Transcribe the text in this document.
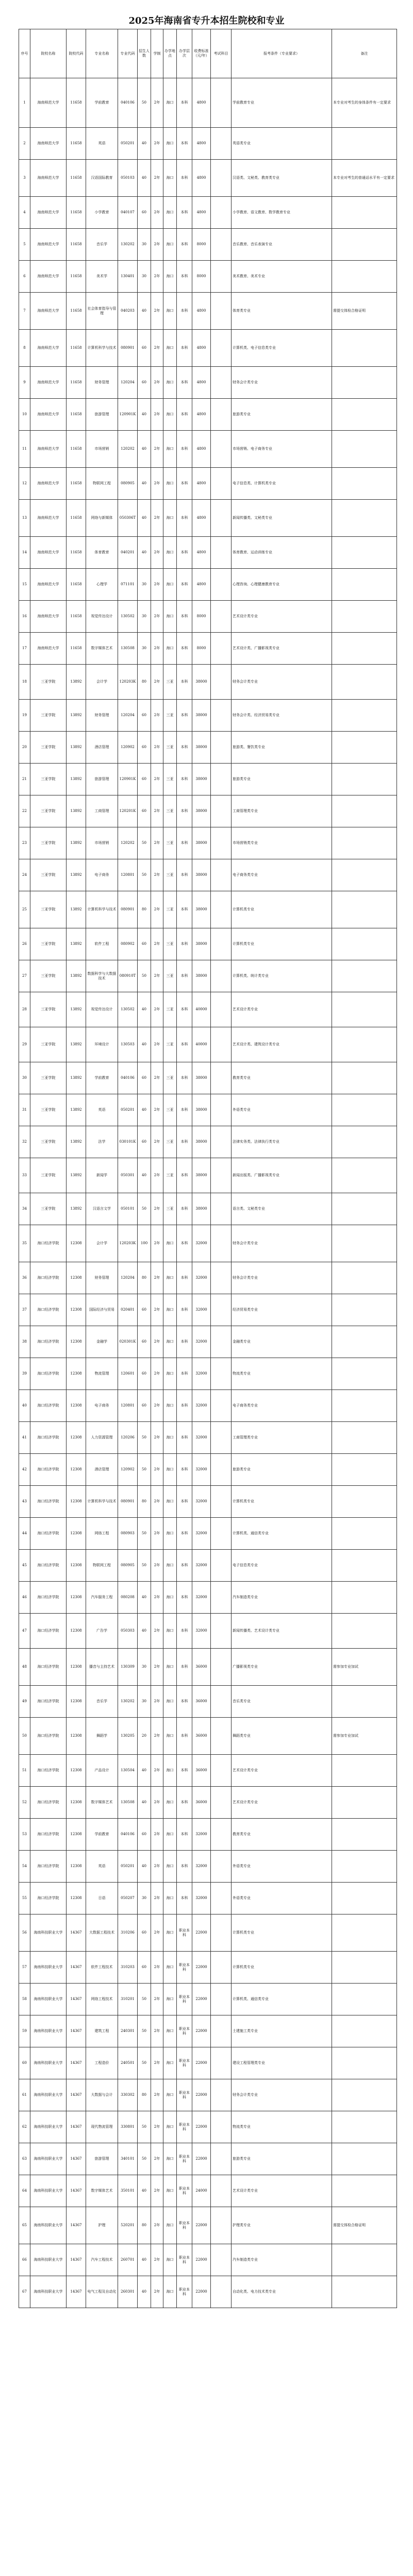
2025年海南省专升本招生院校和专业
序号	院校名称	院校代码	专业名称	专业代码	招生人数	学制	办学地点	办学层次	收费标准（元/年）	考试科目	报考条件（专业要求）	备注
1	海南师范大学	11658	学前教育	040106	50	2年	海口	本科	4800		学前教育专业	本专业对考生的身体条件有一定要求
2	海南师范大学	11658	英语	050201	40	2年	海口	本科	4800		英语类专业	
3	海南师范大学	11658	汉语国际教育	050103	40	2年	海口	本科	4800		汉语类、文秘类、教育类专业	本专业对考生的普通话水平有一定要求
4	海南师范大学	11658	小学教育	040107	60	2年	海口	本科	4800		小学教育、语文教育、数学教育专业	
5	海南师范大学	11658	音乐学	130202	30	2年	海口	本科	8000		音乐教育、音乐表演专业	
6	海南师范大学	11658	美术学	130401	30	2年	海口	本科	8000		美术教育、美术专业	
7	海南师范大学	11658	社会体育指导与管理	040203	40	2年	海口	本科	4800		体育类专业	需提交体检合格证明
8	海南师范大学	11658	计算机科学与技术	080901	60	2年	海口	本科	4800		计算机类、电子信息类专业	
9	海南师范大学	11658	财务管理	120204	60	2年	海口	本科	4800		财务会计类专业	
10	海南师范大学	11658	旅游管理	120901K	40	2年	海口	本科	4800		旅游类专业	
11	海南师范大学	11658	市场营销	120202	40	2年	海口	本科	4800		市场营销、电子商务专业	
12	海南师范大学	11658	物联网工程	080905	40	2年	海口	本科	4800		电子信息类、计算机类专业	
13	海南师范大学	11658	网络与新媒体	050306T	40	2年	海口	本科	4800		新闻传播类、文秘类专业	
14	海南师范大学	11658	体育教育	040201	40	2年	海口	本科	4800		体育教育、运动训练专业	
15	海南师范大学	11658	心理学	071101	30	2年	海口	本科	4800		心理咨询、心理健康教育专业	
16	海南师范大学	11658	视觉传达设计	130502	30	2年	海口	本科	8000		艺术设计类专业	
17	海南师范大学	11658	数字媒体艺术	130508	30	2年	海口	本科	8000		艺术设计类、广播影视类专业	
18	三亚学院	13892	会计学	120203K	80	2年	三亚	本科	38000		财务会计类专业	
19	三亚学院	13892	财务管理	120204	60	2年	三亚	本科	38000		财务会计类、经济贸易类专业	
20	三亚学院	13892	酒店管理	120902	60	2年	三亚	本科	38000		旅游类、餐饮类专业	
21	三亚学院	13892	旅游管理	120901K	60	2年	三亚	本科	38000		旅游类专业	
22	三亚学院	13892	工商管理	120201K	60	2年	三亚	本科	38000		工商管理类专业	
23	三亚学院	13892	市场营销	120202	50	2年	三亚	本科	38000		市场营销类专业	
24	三亚学院	13892	电子商务	120801	50	2年	三亚	本科	38000		电子商务类专业	
25	三亚学院	13892	计算机科学与技术	080901	80	2年	三亚	本科	38000		计算机类专业	
26	三亚学院	13892	软件工程	080902	60	2年	三亚	本科	38000		计算机类专业	
27	三亚学院	13892	数据科学与大数据技术	080910T	50	2年	三亚	本科	38000		计算机类、统计类专业	
28	三亚学院	13892	视觉传达设计	130502	40	2年	三亚	本科	40000		艺术设计类专业	
29	三亚学院	13892	环境设计	130503	40	2年	三亚	本科	40000		艺术设计类、建筑设计类专业	
30	三亚学院	13892	学前教育	040106	60	2年	三亚	本科	38000		教育类专业	
31	三亚学院	13892	英语	050201	40	2年	三亚	本科	38000		外语类专业	
32	三亚学院	13892	法学	030101K	60	2年	三亚	本科	38000		法律实务类、法律执行类专业	
33	三亚学院	13892	新闻学	050301	40	2年	三亚	本科	38000		新闻出版类、广播影视类专业	
34	三亚学院	13892	汉语言文学	050101	50	2年	三亚	本科	38000		语言类、文秘类专业	
35	海口经济学院	12308	会计学	120203K	100	2年	海口	本科	32000		财务会计类专业	
36	海口经济学院	12308	财务管理	120204	80	2年	海口	本科	32000		财务会计类专业	
37	海口经济学院	12308	国际经济与贸易	020401	60	2年	海口	本科	32000		经济贸易类专业	
38	海口经济学院	12308	金融学	020301K	60	2年	海口	本科	32000		金融类专业	
39	海口经济学院	12308	物流管理	120601	60	2年	海口	本科	32000		物流类专业	
40	海口经济学院	12308	电子商务	120801	60	2年	海口	本科	32000		电子商务类专业	
41	海口经济学院	12308	人力资源管理	120206	50	2年	海口	本科	32000		工商管理类专业	
42	海口经济学院	12308	酒店管理	120902	50	2年	海口	本科	32000		旅游类专业	
43	海口经济学院	12308	计算机科学与技术	080901	80	2年	海口	本科	32000		计算机类专业	
44	海口经济学院	12308	网络工程	080903	50	2年	海口	本科	32000		计算机类、通信类专业	
45	海口经济学院	12308	物联网工程	080905	50	2年	海口	本科	32000		电子信息类专业	
46	海口经济学院	12308	汽车服务工程	080208	40	2年	海口	本科	32000		汽车制造类专业	
47	海口经济学院	12308	广告学	050303	40	2年	海口	本科	32000		新闻传播类、艺术设计类专业	
48	海口经济学院	12308	播音与主持艺术	130309	30	2年	海口	本科	36000		广播影视类专业	需参加专业加试
49	海口经济学院	12308	音乐学	130202	30	2年	海口	本科	36000		音乐类专业	
50	海口经济学院	12308	舞蹈学	130205	20	2年	海口	本科	36000		舞蹈类专业	需参加专业加试
51	海口经济学院	12308	产品设计	130504	40	2年	海口	本科	36000		艺术设计类专业	
52	海口经济学院	12308	数字媒体艺术	130508	40	2年	海口	本科	36000		艺术设计类专业	
53	海口经济学院	12308	学前教育	040106	60	2年	海口	本科	32000		教育类专业	
54	海口经济学院	12308	英语	050201	40	2年	海口	本科	32000		外语类专业	
55	海口经济学院	12308	日语	050207	30	2年	海口	本科	32000		外语类专业	
56	海南科技职业大学	14367	大数据工程技术	310206	60	2年	海口	职业本科	22000		计算机类专业	
57	海南科技职业大学	14367	软件工程技术	310203	60	2年	海口	职业本科	22000		计算机类专业	
58	海南科技职业大学	14367	网络工程技术	310201	50	2年	海口	职业本科	22000		计算机类、通信类专业	
59	海南科技职业大学	14367	建筑工程	240301	50	2年	海口	职业本科	22000		土建施工类专业	
60	海南科技职业大学	14367	工程造价	240501	50	2年	海口	职业本科	22000		建设工程管理类专业	
61	海南科技职业大学	14367	大数据与会计	330302	80	2年	海口	职业本科	22000		财务会计类专业	
62	海南科技职业大学	14367	现代物流管理	330801	50	2年	海口	职业本科	22000		物流类专业	
63	海南科技职业大学	14367	旅游管理	340101	50	2年	海口	职业本科	22000		旅游类专业	
64	海南科技职业大学	14367	数字媒体艺术	350101	40	2年	海口	职业本科	24000		艺术设计类专业	
65	海南科技职业大学	14367	护理	520201	80	2年	海口	职业本科	22000		护理类专业	需提交体检合格证明
66	海南科技职业大学	14367	汽车工程技术	260701	40	2年	海口	职业本科	22000		汽车制造类专业	
67	海南科技职业大学	14367	电气工程及自动化	260301	40	2年	海口	职业本科	22000		自动化类、电力技术类专业	
